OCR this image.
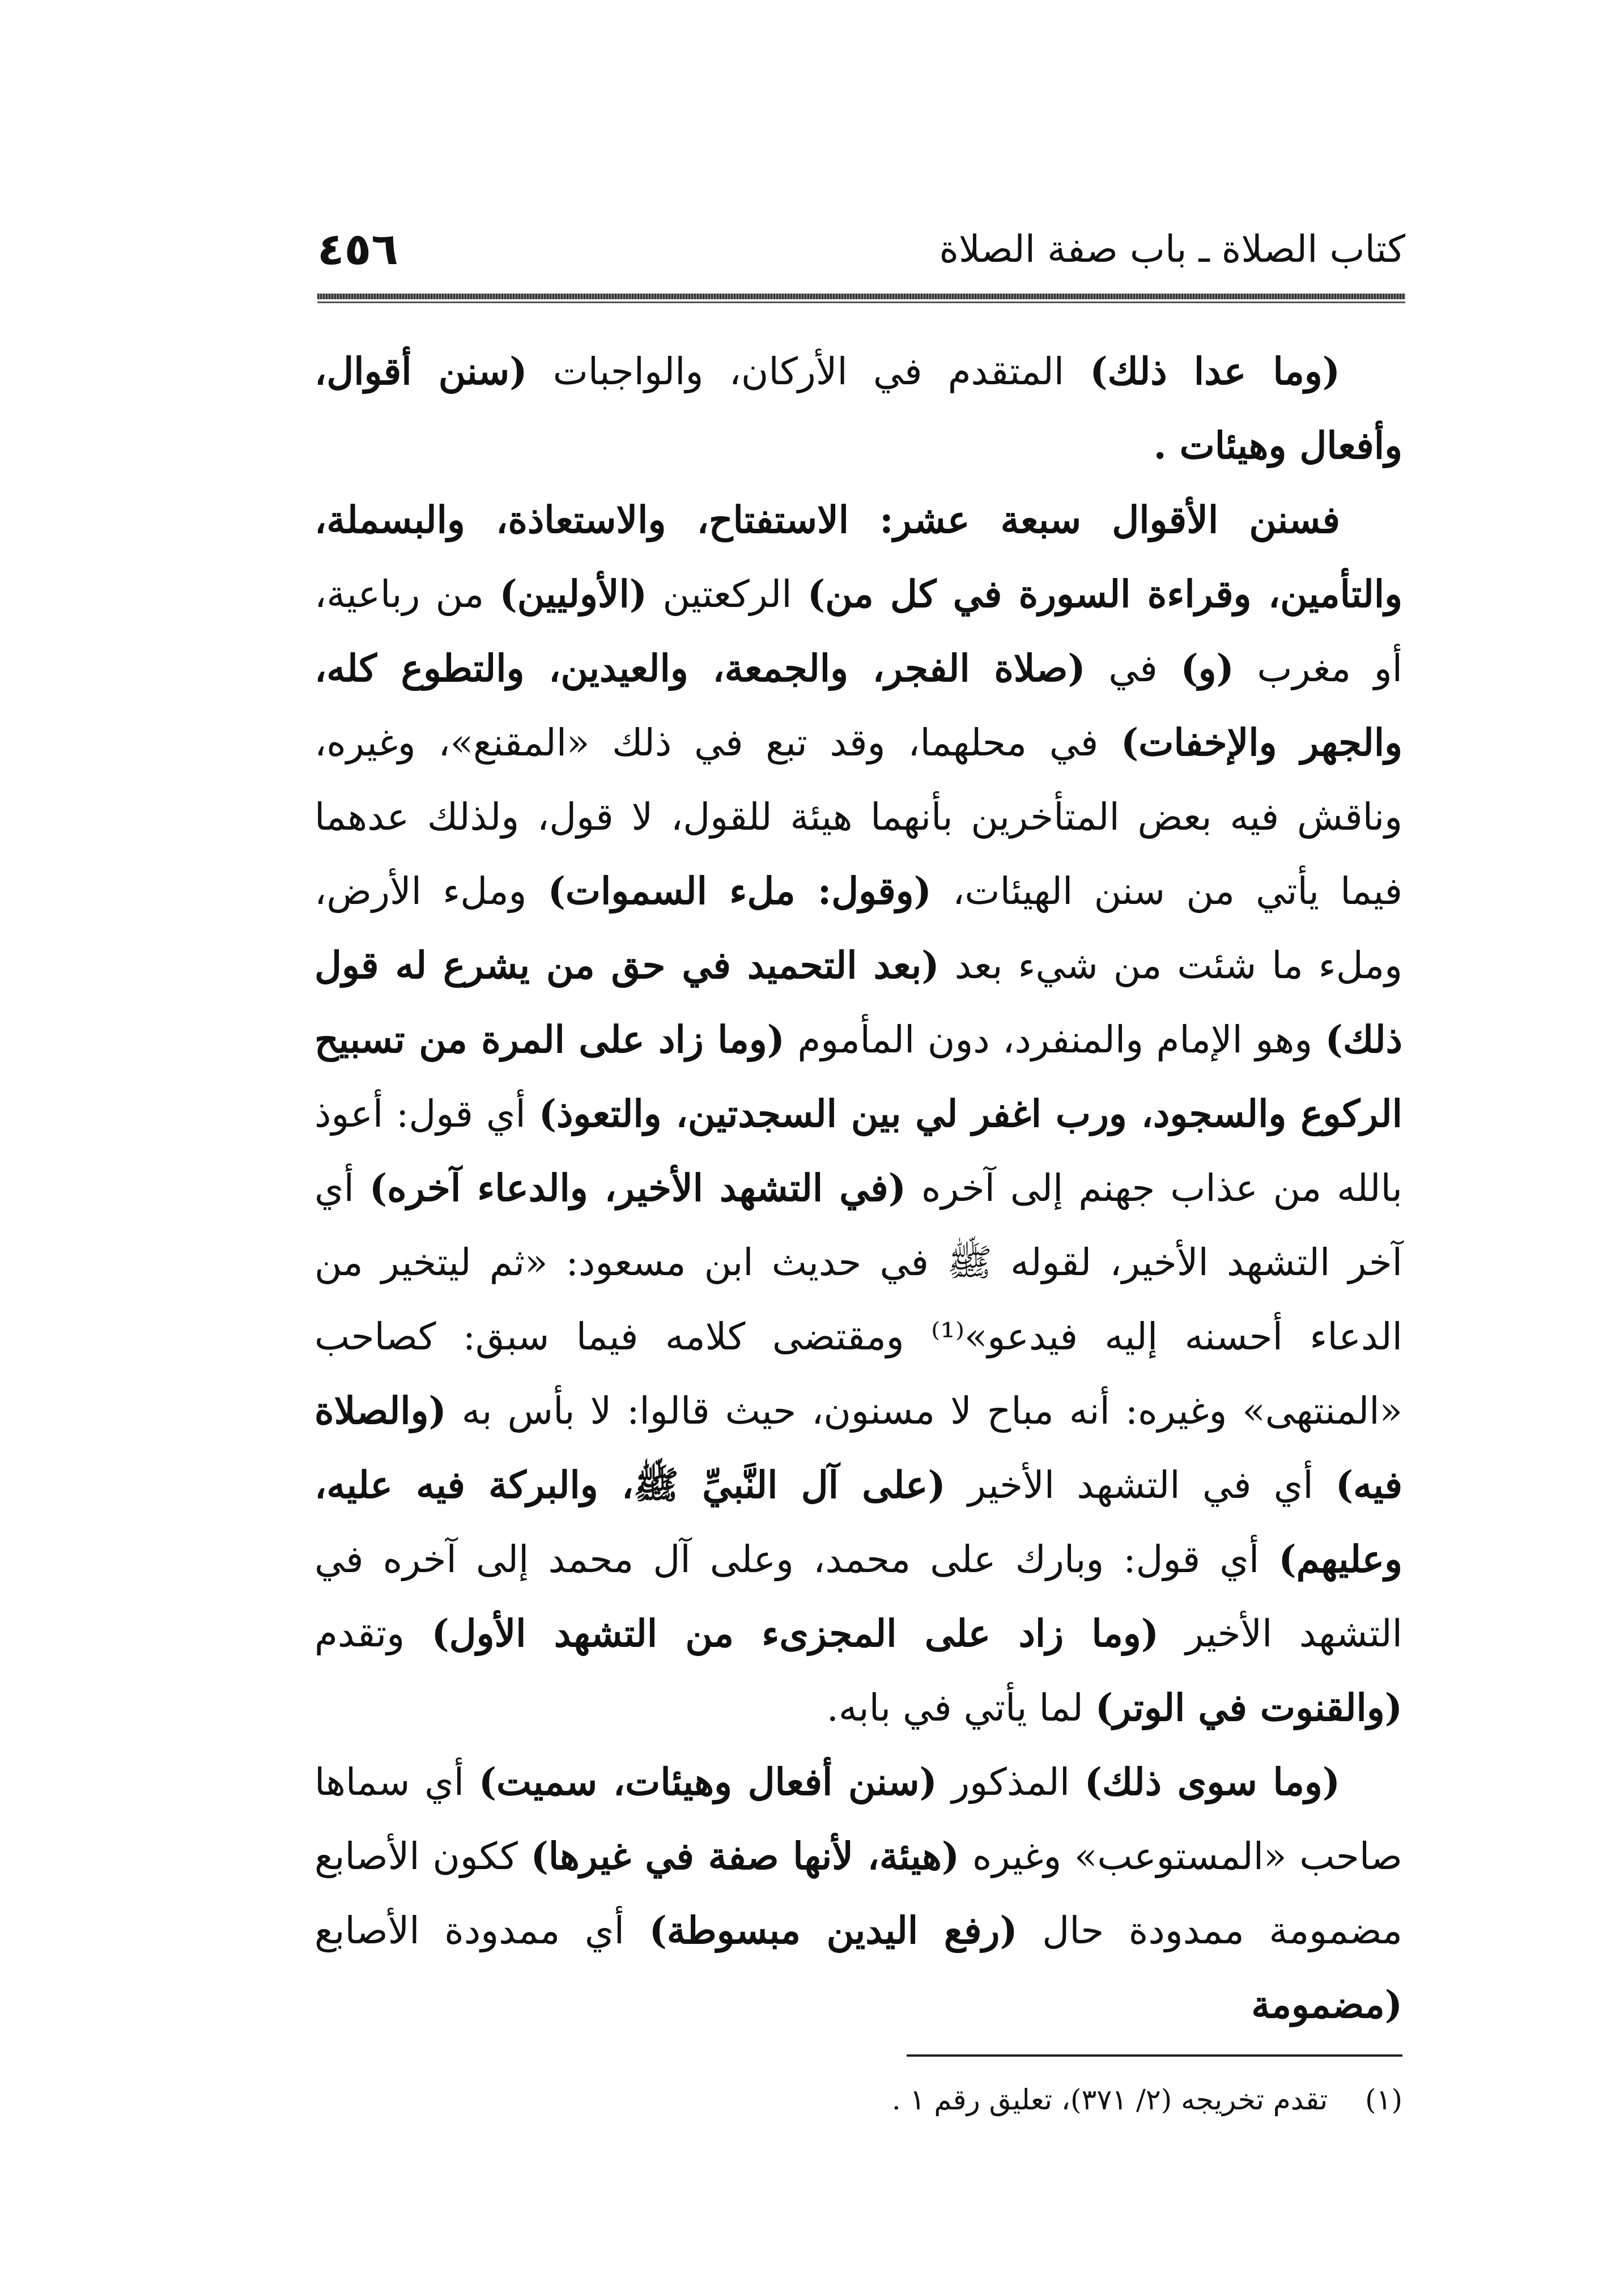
كتاب الصلاة ـ باب صفة الصلاة
٤٥٦

(وما عدا ذلك) المتقدم في الأركان، والواجبات (سنن أقوال، وأفعال وهيئات .

فسنن الأقوال سبعة عشر: الاستفتاح، والاستعاذة، والبسملة، والتأمين، وقراءة السورة في كل من) الركعتين (الأوليين) من رباعية، أو مغرب (و) في (صلاة الفجر، والجمعة، والعيدين، والتطوع كله، والجهر والإخفات) في محلهما، وقد تبع في ذلك «المقنع»، وغيره، وناقش فيه بعض المتأخرين بأنهما هيئة للقول، لا قول، ولذلك عدهما فيما يأتي من سنن الهيئات، (وقول: ملء السموات) وملء الأرض، وملء ما شئت من شيء بعد (بعد التحميد في حق من يشرع له قول ذلك) وهو الإمام والمنفرد، دون المأموم (وما زاد على المرة من تسبيح الركوع والسجود، ورب اغفر لي بين السجدتين، والتعوذ) أي قول: أعوذ بالله من عذاب جهنم إلى آخره (في التشهد الأخير، والدعاء آخره) أي آخر التشهد الأخير، لقوله ﷺ في حديث ابن مسعود: «ثم ليتخير من الدعاء أحسنه إليه فيدعو»⁽¹⁾ ومقتضى كلامه فيما سبق: كصاحب «المنتهى» وغيره: أنه مباح لا مسنون، حيث قالوا: لا بأس به (والصلاة فيه) أي في التشهد الأخير (على آل النَّبيِّ ﷺ، والبركة فيه عليه، وعليهم) أي قول: وبارك على محمد، وعلى آل محمد إلى آخره في التشهد الأخير (وما زاد على المجزىء من التشهد الأول) وتقدم (والقنوت في الوتر) لما يأتي في بابه.

(وما سوى ذلك) المذكور (سنن أفعال وهيئات، سميت) أي سماها صاحب «المستوعب» وغيره (هيئة، لأنها صفة في غيرها) ككون الأصابع مضمومة ممدودة حال (رفع اليدين مبسوطة) أي ممدودة الأصابع (مضمومة

(١) تقدم تخريجه (٢/ ٣٧١)، تعليق رقم ١ .
